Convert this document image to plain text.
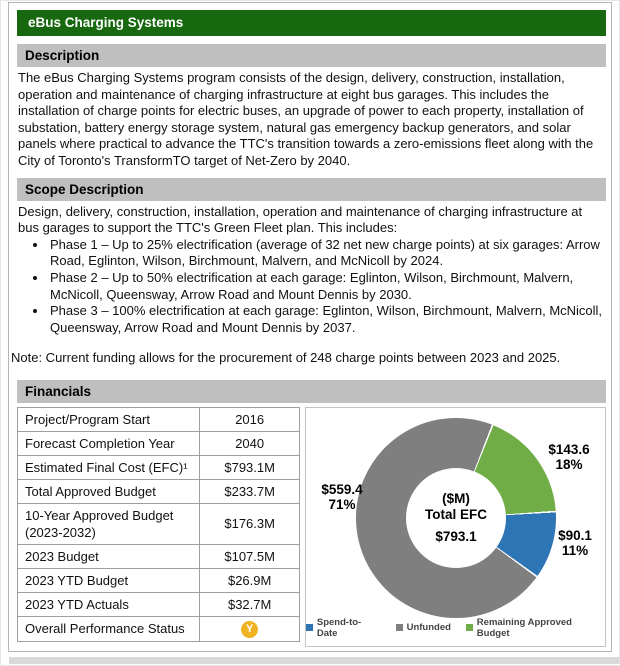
eBus Charging Systems
Description
The eBus Charging Systems program consists of the design, delivery, construction, installation, operation and maintenance of charging infrastructure at eight bus garages. This includes the installation of charge points for electric buses, an upgrade of power to each property, installation of substation, battery energy storage system, natural gas emergency backup generators, and solar panels where practical to advance the TTC's transition towards a zero-emissions fleet along with the City of Toronto's TransformTO target of Net-Zero by 2040.
Scope Description
Design, delivery, construction, installation, operation and maintenance of charging infrastructure at bus garages to support the TTC's Green Fleet plan. This includes:
• Phase 1 – Up to 25% electrification (average of 32 net new charge points) at six garages: Arrow Road, Eglinton, Wilson, Birchmount, Malvern, and McNicoll by 2024.
• Phase 2 – Up to 50% electrification at each garage: Eglinton, Wilson, Birchmount, Malvern, McNicoll, Queensway, Arrow Road and Mount Dennis by 2030.
• Phase 3 – 100% electrification at each garage: Eglinton, Wilson, Birchmount, Malvern, McNicoll, Queensway, Arrow Road and Mount Dennis by 2037.
Note: Current funding allows for the procurement of 248 charge points between 2023 and 2025.
Financials
Project/Program Start	2016
Forecast Completion Year	2040
Estimated Final Cost (EFC)¹	$793.1M
Total Approved Budget	$233.7M
10-Year Approved Budget (2023-2032)	$176.3M
2023 Budget	$107.5M
2023 YTD Budget	$26.9M
2023 YTD Actuals	$32.7M
Overall Performance Status	Y
($M)
Total EFC
$793.1
$559.4
71%
$143.6
18%
$90.1
11%
Spend-to-Date	Unfunded	Remaining Approved Budget
